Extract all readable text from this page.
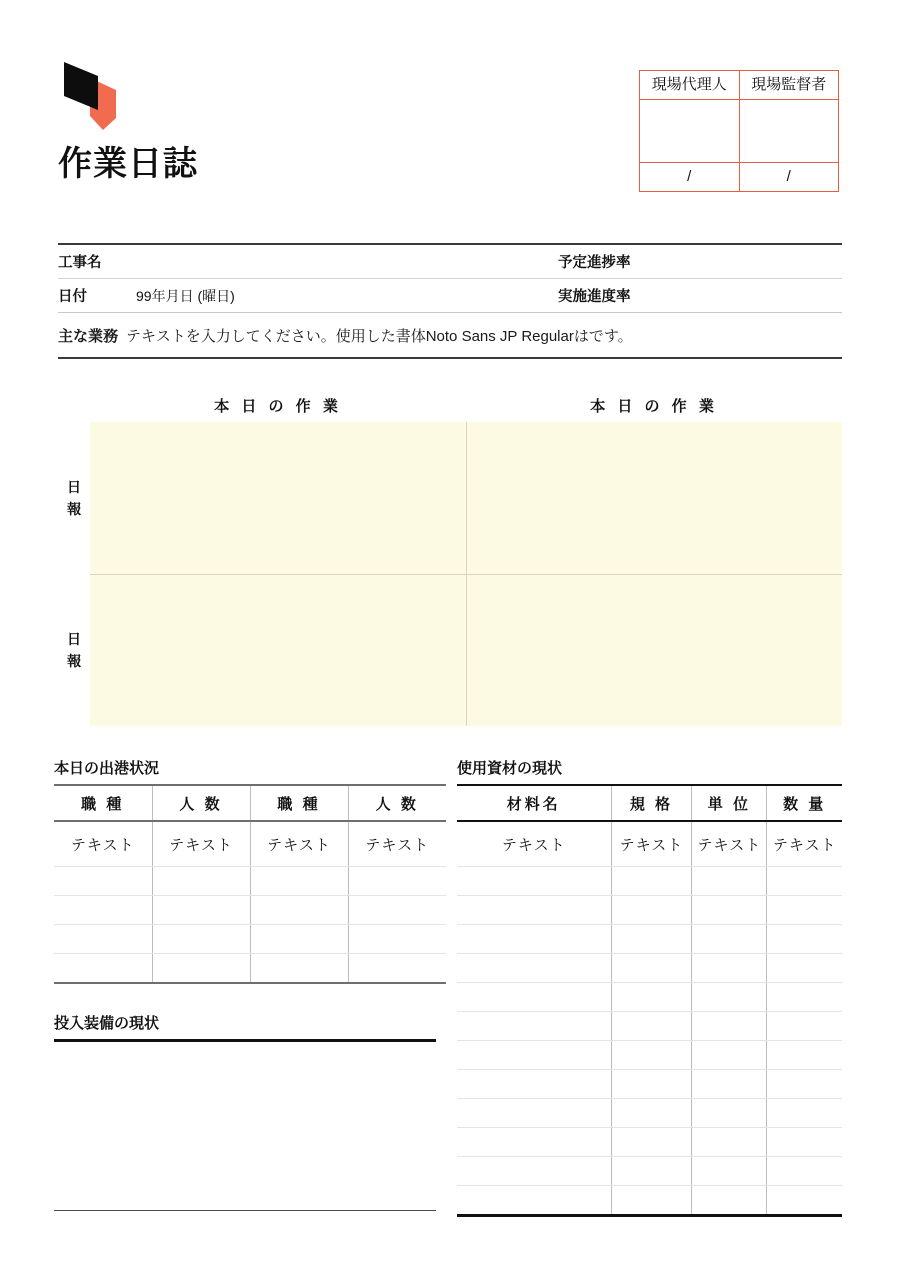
作業日誌
現場代理人	現場監督者

/	/
工事名	予定進捗率
日付	99年月日 (曜日)	実施進度率
主な業務 テキストを入力してください。使用した書体Noto Sans JP Regularはです。
本 日 の 作 業	本 日 の 作 業
日
報
日
報
本日の出港状況
職 種	人 数	職 種	人 数
テキスト	テキスト	テキスト	テキスト

投入装備の現状
使用資材の現状
材料名	規 格	単 位	数 量
テキスト	テキスト	テキスト	テキスト
